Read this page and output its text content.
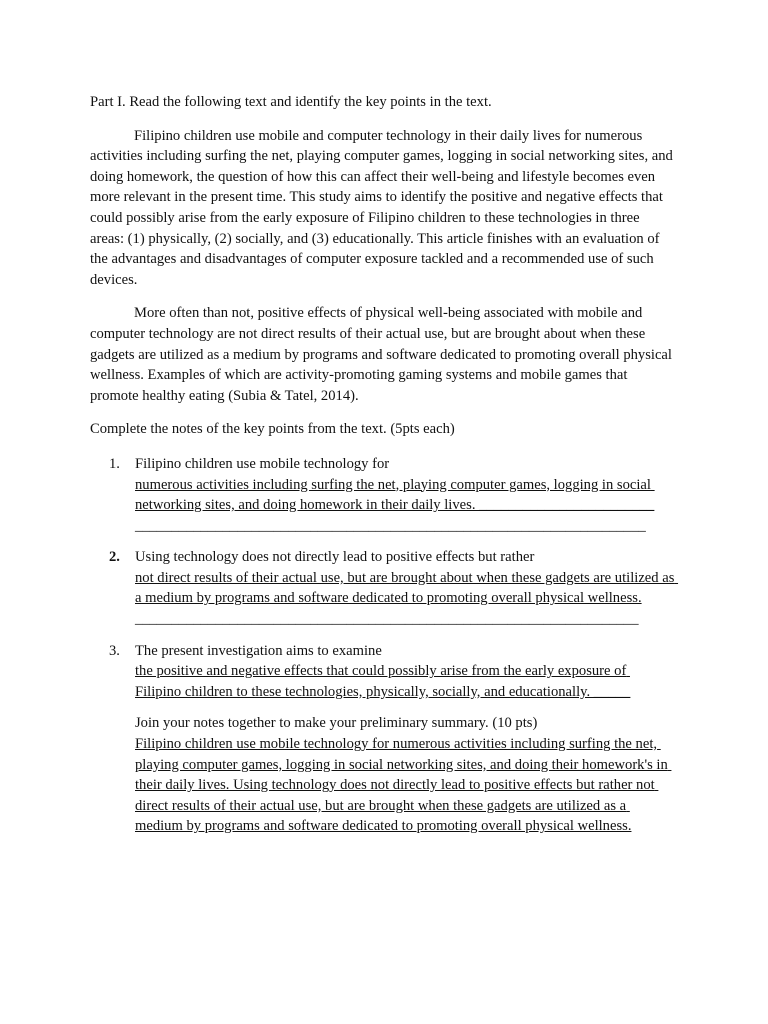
Part I. Read the following text and identify the key points in the text.

Filipino children use mobile and computer technology in their daily lives for numerous activities including surfing the net, playing computer games, logging in social networking sites, and doing homework, the question of how this can affect their well-being and lifestyle becomes even more relevant in the present time. This study aims to identify the positive and negative effects that could possibly arise from the early exposure of Filipino children to these technologies in three areas: (1) physically, (2) socially, and (3) educationally. This article finishes with an evaluation of the advantages and disadvantages of computer exposure tackled and a recommended use of such devices.

More often than not, positive effects of physical well-being associated with mobile and computer technology are not direct results of their actual use, but are brought about when these gadgets are utilized as a medium by programs and software dedicated to promoting overall physical wellness. Examples of which are activity-promoting gaming systems and mobile games that promote healthy eating (Subia & Tatel, 2014).

Complete the notes of the key points from the text. (5pts each)

1. Filipino children use mobile technology for
numerous activities including surfing the net, playing computer games, logging in social networking sites, and doing homework in their daily lives. ________________________
______________________________________________________________________
2. Using technology does not directly lead to positive effects but rather
not direct results of their actual use, but are brought about when these gadgets are utilized as a medium by programs and software dedicated to promoting overall physical wellness.
_____________________________________________________________________
3. The present investigation aims to examine
the positive and negative effects that could possibly arise from the early exposure of Filipino children to these technologies, physically, socially, and educationally. _____
Join your notes together to make your preliminary summary. (10 pts)
Filipino children use mobile technology for numerous activities including surfing the net, playing computer games, logging in social networking sites, and doing their homework's in their daily lives. Using technology does not directly lead to positive effects but rather not direct results of their actual use, but are brought when these gadgets are utilized as a medium by programs and software dedicated to promoting overall physical wellness.
